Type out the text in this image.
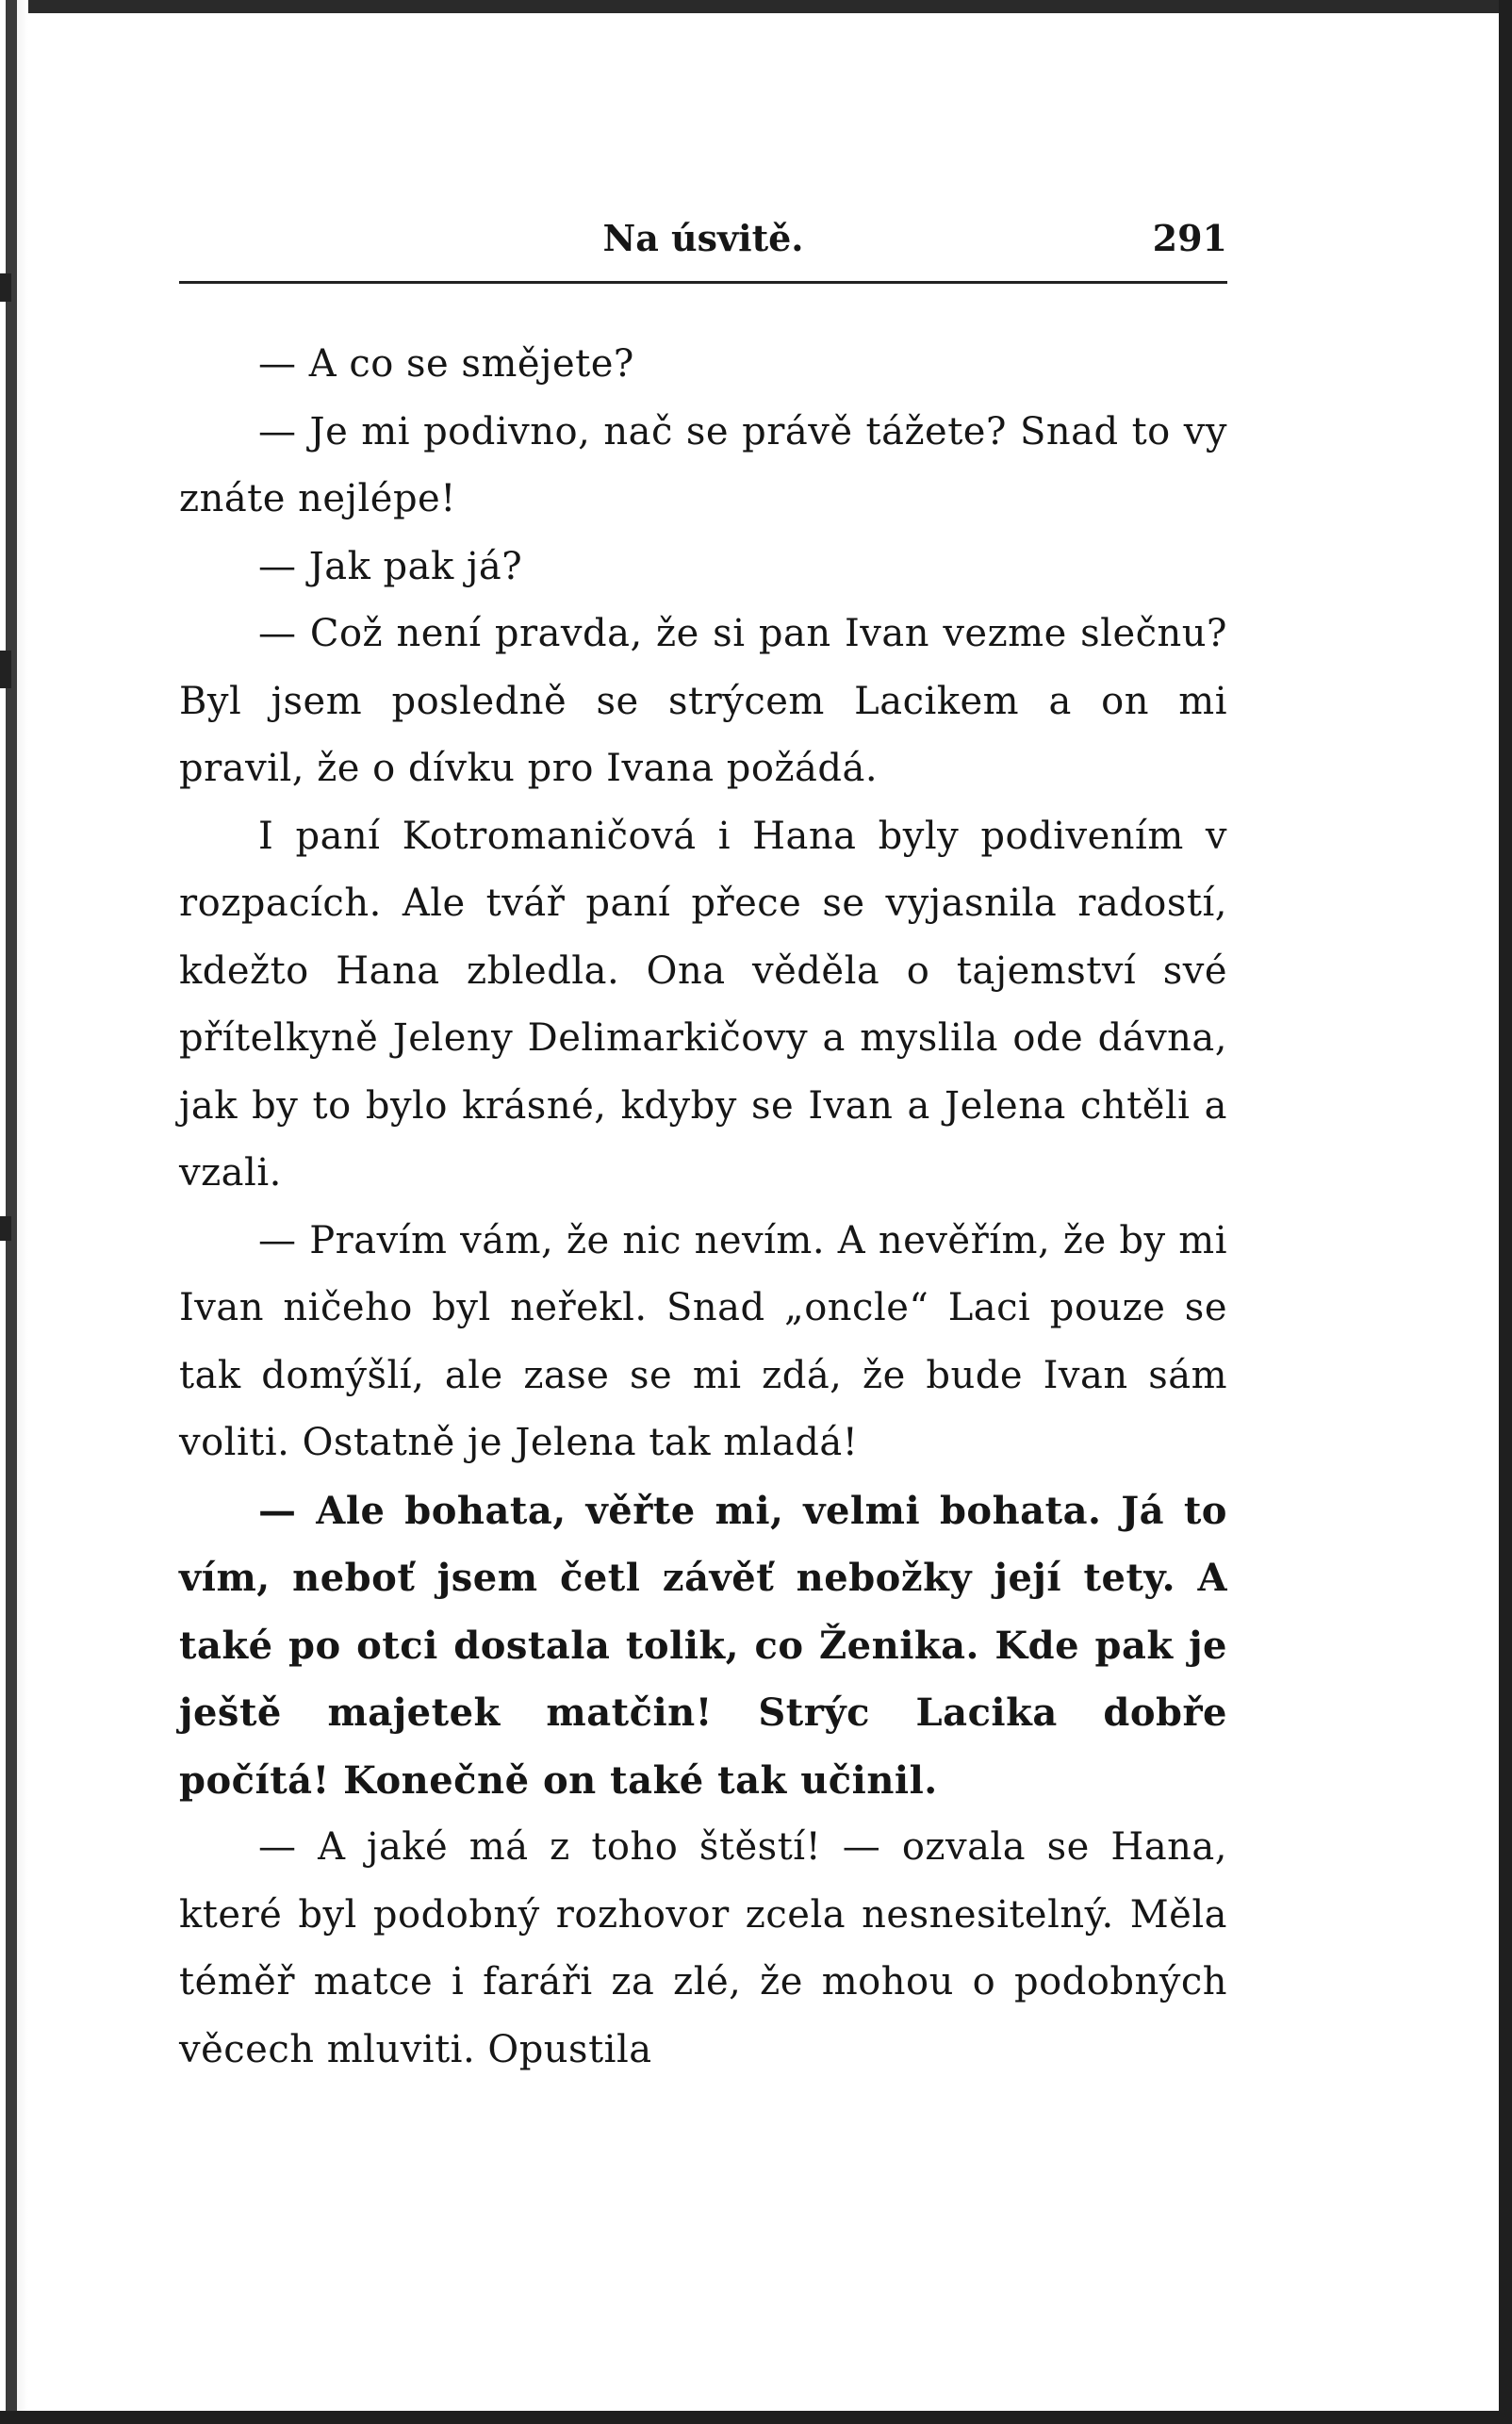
Na úsvitě.	291

— A co se smějete?

— Je mi podivno, nač se právě tážete? Snad to vy znáte nejlépe!

— Jak pak já?

— Což není pravda, že si pan Ivan vezme slečnu? Byl jsem posledně se strýcem Lacikem a on mi pravil, že o dívku pro Ivana požádá.

I paní Kotromaničová i Hana byly podivením v rozpacích. Ale tvář paní přece se vyjasnila radostí, kdežto Hana zbledla. Ona věděla o tajemství své přítelkyně Jeleny Delimarkičovy a myslila ode dávna, jak by to bylo krásné, kdyby se Ivan a Jelena chtěli a vzali.

— Pravím vám, že nic nevím. A nevěřím, že by mi Ivan ničeho byl neřekl. Snad „oncle“ Laci pouze se tak domýšlí, ale zase se mi zdá, že bude Ivan sám voliti. Ostatně je Jelena tak mladá!

— Ale bohata, věřte mi, velmi bohata. Já to vím, neboť jsem četl závěť nebožky její tety. A také po otci dostala tolik, co Ženika. Kde pak je ještě majetek matčin! Strýc Lacika dobře počítá! Konečně on také tak učinil.

— A jaké má z toho štěstí! — ozvala se Hana, které byl podobný rozhovor zcela nesnesitelný. Měla téměř matce i faráři za zlé, že mohou o podobných věcech mluviti. Opustila
